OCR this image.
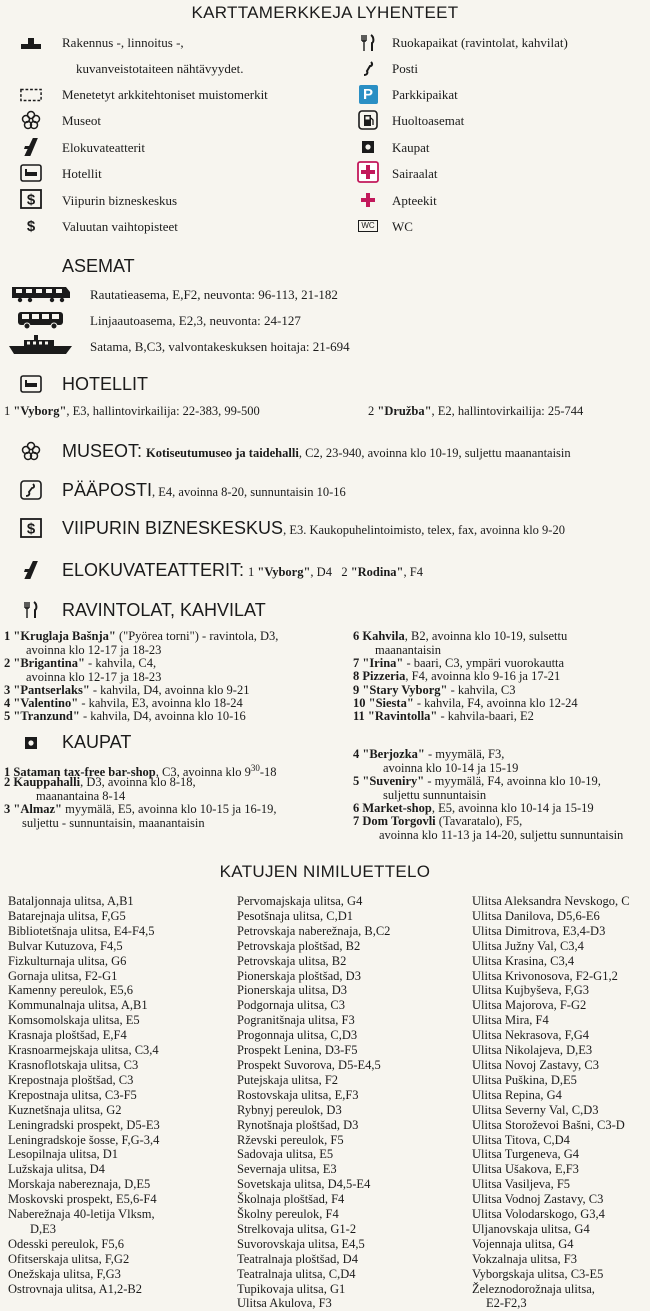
KARTTAMERKKEJA LYHENTEET
$
$
Rakennus -, linnoitus -,
kuvanveistotaiteen nähtävyydet.
Menetetyt arkkitehtoniset muistomerkit
Museot
Elokuvateatterit
Hotellit
Viipurin bizneskeskus
Valuutan vaihtopisteet
P
WC
Ruokapaikat (ravintolat, kahvilat)
Posti
Parkkipaikat
Huoltoasemat
Kaupat
Sairaalat
Apteekit
WC
ASEMAT
Rautatieasema, E,F2, neuvonta: 96-113, 21-182
Linjaautoasema, E2,3, neuvonta: 24-127
Satama, B,C3, valvontakeskuksen hoitaja: 21-694
HOTELLIT
1 "Vyborg", E3, hallintovirkailija: 22-383, 99-500	2 "Družba", E2, hallintovirkailija: 25-744
MUSEOT: Kotiseutumuseo ja taidehalli, C2, 23-940, avoinna klo 10-19, suljettu maanantaisin
PÄÄPOSTI, E4, avoinna 8-20, sunnuntaisin 10-16
$ VIIPURIN BIZNESKESKUS, E3. Kaukopuhelintoimisto, telex, fax, avoinna klo 9-20
ELOKUVATEATTERIT: 1 "Vyborg", D4 2 "Rodina", F4
RAVINTOLAT, KAHVILAT
1 "Kruglaja Bašnja" ("Pyörea torni") - ravintola, D3,
avoinna klo 12-17 ja 18-23
2 "Brigantina" - kahvila, C4,
avoinna klo 12-17 ja 18-23
3 "Pantserlaks" - kahvila, D4, avoinna klo 9-21
4 "Valentino" - kahvila, E3, avoinna klo 18-24
5 "Tranzund" - kahvila, D4, avoinna klo 10-16
6 Kahvila, B2, avoinna klo 10-19, sulsettu
maanantaisin
7 "Irina" - baari, C3, ympäri vuorokautta
8 Pizzeria, F4, avoinna klo 9-16 ja 17-21
9 "Stary Vyborg" - kahvila, C3
10 "Siesta" - kahvila, F4, avoinna klo 12-24
11 "Ravintolla" - kahvila-baari, E2
KAUPAT
1 Sataman tax-free bar-shop, C3, avoinna klo $9^{30}-18$
2 Kauppahalli, D3, avoinna klo 8-18,
maanantaina 8-14
3 "Almaz" myymälä, E5, avoinna klo 10-15 ja 16-19,
suljettu - sunnuntaisin, maanantaisin
4 "Berjozka" - myymälä, F3,
avoinna klo 10-14 ja 15-19
5 "Suveniry" - myymälä, F4, avoinna klo 10-19,
suljettu sunnuntaisin
6 Market-shop, E5, avoinna klo 10-14 ja 15-19
7 Dom Torgovli (Tavaratalo), F5,
avoinna klo 11-13 ja 14-20, suljettu sunnuntaisin
KATUJEN NIMILUETTELO
Bataljonnaja ulitsa, A,B1
Batarejnaja ulitsa, F,G5
Bibliotetšnaja ulitsa, E4-F4,5
Bulvar Kutuzova, F4,5
Fizkulturnaja ulitsa, G6
Gornaja ulitsa, F2-G1
Kamenny pereulok, E5,6
Kommunalnaja ulitsa, A,B1
Komsomolskaja ulitsa, E5
Krasnaja ploštšad, E,F4
Krasnoarmejskaja ulitsa, C3,4
Krasnoflotskaja ulitsa, C3
Krepostnaja ploštšad, C3
Krepostnaja ulitsa, C3-F5
Kuznetšnaja ulitsa, G2
Leningradski prospekt, D5-E3
Leningradskoje šosse, F,G-3,4
Lesopilnaja ulitsa, D1
Lužskaja ulitsa, D4
Morskaja nabereznaja, D,E5
Moskovski prospekt, E5,6-F4
Naberežnaja 40-letija Vlksm,
D,E3
Odesski pereulok, F5,6
Ofitserskaja ulitsa, F,G2
Onežskaja ulitsa, F,G3
Ostrovnaja ulitsa, A1,2-B2
Pervomajskaja ulitsa, G4
Pesotšnaja ulitsa, C,D1
Petrovskaja naberežnaja, B,C2
Petrovskaja ploštšad, B2
Petrovskaja ulitsa, B2
Pionerskaja ploštšad, D3
Pionerskaja ulitsa, D3
Podgornaja ulitsa, C3
Pogranitšnaja ulitsa, F3
Progonnaja ulitsa, C,D3
Prospekt Lenina, D3-F5
Prospekt Suvorova, D5-E4,5
Putejskaja ulitsa, F2
Rostovskaja ulitsa, E,F3
Rybnyj pereulok, D3
Rynotšnaja ploštšad, D3
Rževski pereulok, F5
Sadovaja ulitsa, E5
Severnaja ulitsa, E3
Sovetskaja ulitsa, D4,5-E4
Školnaja ploštšad, F4
Školny pereulok, F4
Strelkovaja ulitsa, G1-2
Suvorovskaja ulitsa, E4,5
Teatralnaja ploštšad, D4
Teatralnaja ulitsa, C,D4
Tupikovaja ulitsa, G1
Ulitsa Akulova, F3
Ulitsa Aleksandra Nevskogo, C
Ulitsa Danilova, D5,6-E6
Ulitsa Dimitrova, E3,4-D3
Ulitsa Južny Val, C3,4
Ulitsa Krasina, C3,4
Ulitsa Krivonosova, F2-G1,2
Ulitsa Kujbyševa, F,G3
Ulitsa Majorova, F-G2
Ulitsa Mira, F4
Ulitsa Nekrasova, F,G4
Ulitsa Nikolajeva, D,E3
Ulitsa Novoj Zastavy, C3
Ulitsa Puškina, D,E5
Ulitsa Repina, G4
Ulitsa Severny Val, C,D3
Ulitsa Storoževoi Bašni, C3-D
Ulitsa Titova, C,D4
Ulitsa Turgeneva, G4
Ulitsa Ušakova, E,F3
Ulitsa Vasiljeva, F5
Ulitsa Vodnoj Zastavy, C3
Ulitsa Volodarskogo, G3,4
Uljanovskaja ulitsa, G4
Vojennaja ulitsa, G4
Vokzalnaja ulitsa, F3
Vyborgskaja ulitsa, C3-E5
Železnodorožnaja ulitsa,
E2-F2,3
